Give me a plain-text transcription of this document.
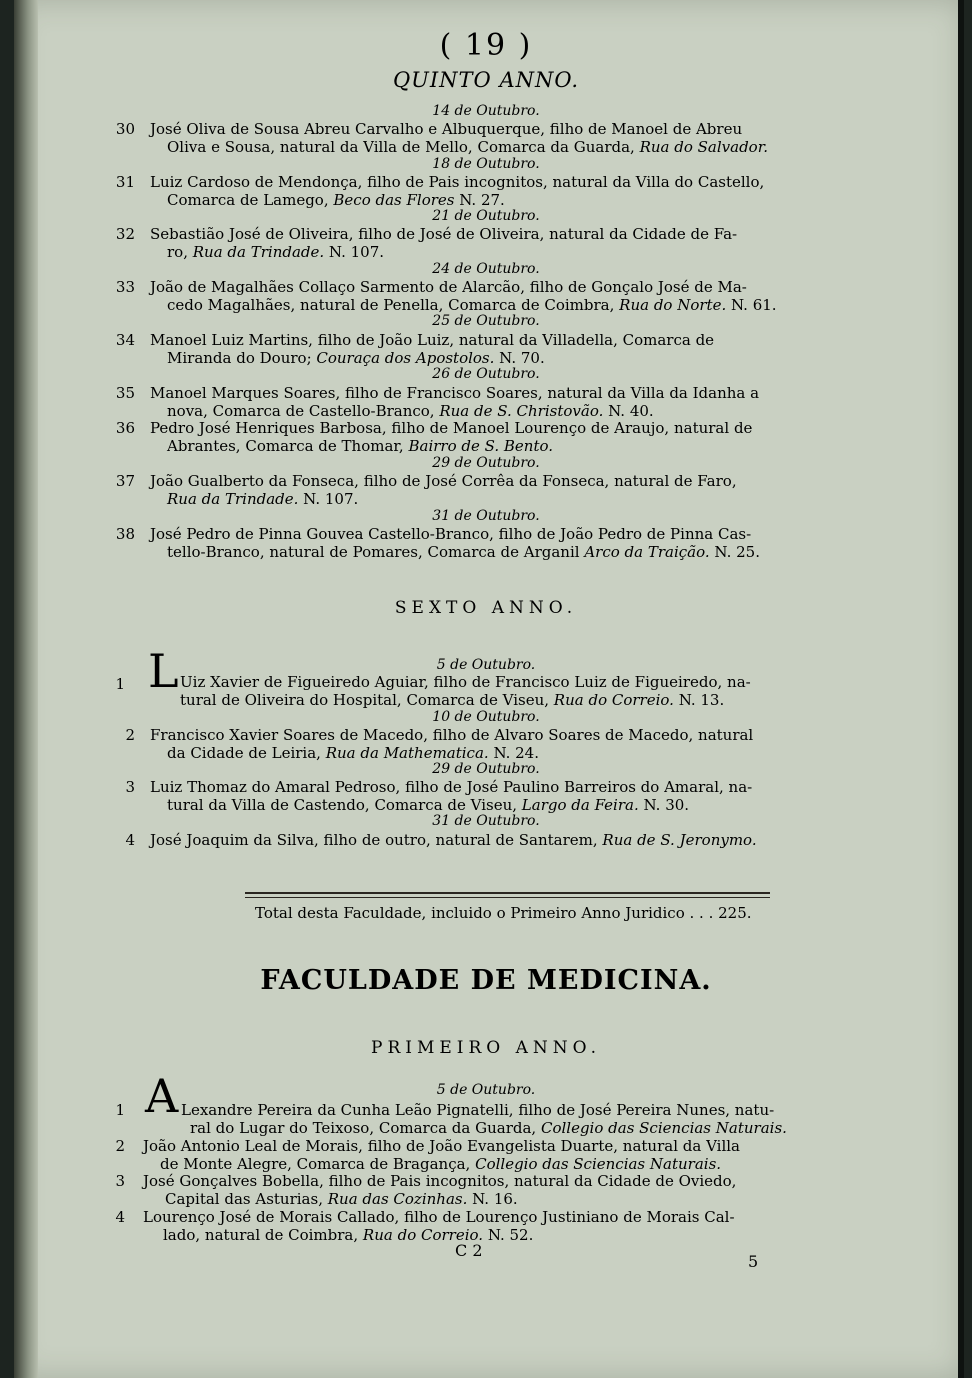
( 19 )
QUINTO ANNO.
14 de Outubro.
30 José Oliva de Sousa Abreu Carvalho e Albuquerque, filho de Manoel de Abreu
Oliva e Sousa, natural da Villa de Mello, Comarca da Guarda, Rua do Salvador.
18 de Outubro.
31 Luiz Cardoso de Mendonça, filho de Pais incognitos, natural da Villa do Castello,
Comarca de Lamego, Beco das Flores N. 27.
21 de Outubro.
32 Sebastião José de Oliveira, filho de José de Oliveira, natural da Cidade de Fa-
ro, Rua da Trindade. N. 107.
24 de Outubro.
33 João de Magalhães Collaço Sarmento de Alarcão, filho de Gonçalo José de Ma-
cedo Magalhães, natural de Penella, Comarca de Coimbra, Rua do Norte. N. 61.
25 de Outubro.
34 Manoel Luiz Martins, filho de João Luiz, natural da Villadella, Comarca de
Miranda do Douro; Couraça dos Apostolos. N. 70.
26 de Outubro.
35 Manoel Marques Soares, filho de Francisco Soares, natural da Villa da Idanha a
nova, Comarca de Castello-Branco, Rua de S. Christovão. N. 40.
36 Pedro José Henriques Barbosa, filho de Manoel Lourenço de Araujo, natural de
Abrantes, Comarca de Thomar, Bairro de S. Bento.
29 de Outubro.
37 João Gualberto da Fonseca, filho de José Corrêa da Fonseca, natural de Faro,
Rua da Trindade. N. 107.
31 de Outubro.
38 José Pedro de Pinna Gouvea Castello-Branco, filho de João Pedro de Pinna Cas-
tello-Branco, natural de Pomares, Comarca de Arganil Arco da Traição. N. 25.
SEXTO ANNO.
5 de Outubro.
L
1	Uiz Xavier de Figueiredo Aguiar, filho de Francisco Luiz de Figueiredo, na-
tural de Oliveira do Hospital, Comarca de Viseu, Rua do Correio. N. 13.
10 de Outubro.
2 Francisco Xavier Soares de Macedo, filho de Alvaro Soares de Macedo, natural
da Cidade de Leiria, Rua da Mathematica. N. 24.
29 de Outubro.
3 Luiz Thomaz do Amaral Pedroso, filho de José Paulino Barreiros do Amaral, na-
tural da Villa de Castendo, Comarca de Viseu, Largo da Feira. N. 30.
31 de Outubro.
4 José Joaquim da Silva, filho de outro, natural de Santarem, Rua de S. Jeronymo.
Total desta Faculdade, incluido o Primeiro Anno Juridico . . . 225.
FACULDADE DE MEDICINA.
PRIMEIRO ANNO.
5 de Outubro.
A
1	Lexandre Pereira da Cunha Leão Pignatelli, filho de José Pereira Nunes, natu-
ral do Lugar do Teixoso, Comarca da Guarda, Collegio das Sciencias Naturais.
2 João Antonio Leal de Morais, filho de João Evangelista Duarte, natural da Villa
de Monte Alegre, Comarca de Bragança, Collegio das Sciencias Naturais.
3 José Gonçalves Bobella, filho de Pais incognitos, natural da Cidade de Oviedo,
Capital das Asturias, Rua das Cozinhas. N. 16.
4 Lourenço José de Morais Callado, filho de Lourenço Justiniano de Morais Cal-
lado, natural de Coimbra, Rua do Correio. N. 52.
C 2
5
